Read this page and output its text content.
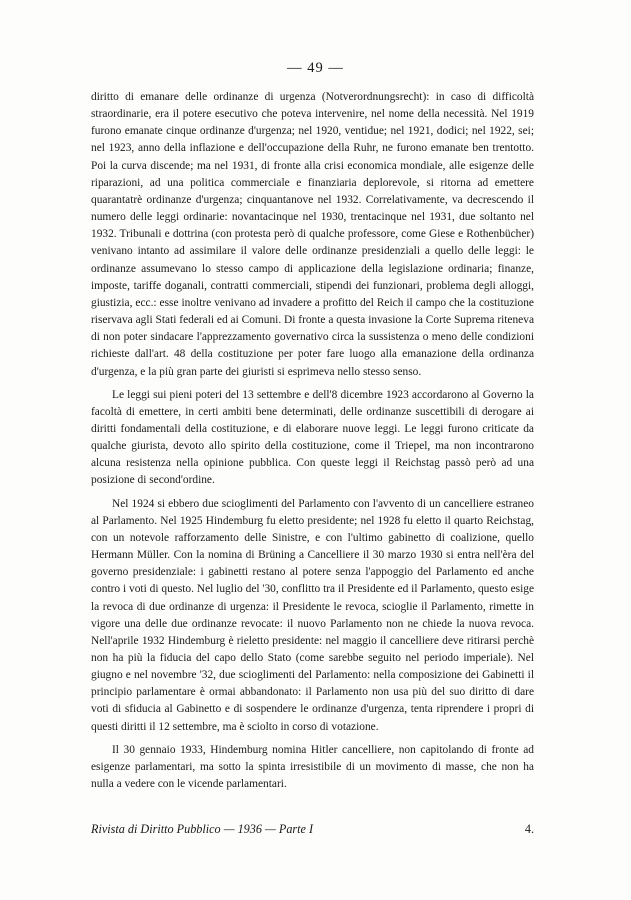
— 49 —

diritto di emanare delle ordinanze di urgenza (Notverordnungsrecht): in caso di difficoltà straordinarie, era il potere esecutivo che poteva intervenire, nel nome della necessità. Nel 1919 furono emanate cinque ordinanze d'urgenza; nel 1920, ventidue; nel 1921, dodici; nel 1922, sei; nel 1923, anno della inflazione e dell'occupazione della Ruhr, ne furono emanate ben trentotto. Poi la curva discende; ma nel 1931, di fronte alla crisi economica mondiale, alle esigenze delle riparazioni, ad una politica commerciale e finanziaria deplorevole, si ritorna ad emettere quarantatrè ordinanze d'urgenza; cinquantanove nel 1932. Correlativamente, va decrescendo il numero delle leggi ordinarie: novantacinque nel 1930, trentacinque nel 1931, due soltanto nel 1932. Tribunali e dottrina (con protesta però di qualche professore, come Giese e Rothenbücher) venivano intanto ad assimilare il valore delle ordinanze presidenziali a quello delle leggi: le ordinanze assumevano lo stesso campo di applicazione della legislazione ordinaria; finanze, imposte, tariffe doganali, contratti commerciali, stipendi dei funzionari, problema degli alloggi, giustizia, ecc.: esse inoltre venivano ad invadere a profitto del Reich il campo che la costituzione riservava agli Stati federali ed ai Comuni. Di fronte a questa invasione la Corte Suprema riteneva di non poter sindacare l'apprezzamento governativo circa la sussistenza o meno delle condizioni richieste dall'art. 48 della costituzione per poter fare luogo alla emanazione della ordinanza d'urgenza, e la più gran parte dei giuristi si esprimeva nello stesso senso.

Le leggi sui pieni poteri del 13 settembre e dell'8 dicembre 1923 accordarono al Governo la facoltà di emettere, in certi ambiti bene determinati, delle ordinanze suscettibili di derogare ai diritti fondamentali della costituzione, e di elaborare nuove leggi. Le leggi furono criticate da qualche giurista, devoto allo spirito della costituzione, come il Triepel, ma non incontrarono alcuna resistenza nella opinione pubblica. Con queste leggi il Reichstag passò però ad una posizione di second'ordine.

Nel 1924 si ebbero due scioglimenti del Parlamento con l'avvento di un cancelliere estraneo al Parlamento. Nel 1925 Hindemburg fu eletto presidente; nel 1928 fu eletto il quarto Reichstag, con un notevole rafforzamento delle Sinistre, e con l'ultimo gabinetto di coalizione, quello Hermann Müller. Con la nomina di Brüning a Cancelliere il 30 marzo 1930 si entra nell'èra del governo presidenziale: i gabinetti restano al potere senza l'appoggio del Parlamento ed anche contro i voti di questo. Nel luglio del '30, conflitto tra il Presidente ed il Parlamento, questo esige la revoca di due ordinanze di urgenza: il Presidente le revoca, scioglie il Parlamento, rimette in vigore una delle due ordinanze revocate: il nuovo Parlamento non ne chiede la nuova revoca. Nell'aprile 1932 Hindemburg è rieletto presidente: nel maggio il cancelliere deve ritirarsi perchè non ha più la fiducia del capo dello Stato (come sarebbe seguito nel periodo imperiale). Nel giugno e nel novembre '32, due scioglimenti del Parlamento: nella composizione dei Gabinetti il principio parlamentare è ormai abbandonato: il Parlamento non usa più del suo diritto di dare voti di sfiducia al Gabinetto e di sospendere le ordinanze d'urgenza, tenta riprendere i propri di questi diritti il 12 settembre, ma è sciolto in corso di votazione.

Il 30 gennaio 1933, Hindemburg nomina Hitler cancelliere, non capitolando di fronte ad esigenze parlamentari, ma sotto la spinta irresistibile di un movimento di masse, che non ha nulla a vedere con le vicende parlamentari.

Rivista di Diritto Pubblico — 1936 — Parte I	4.
